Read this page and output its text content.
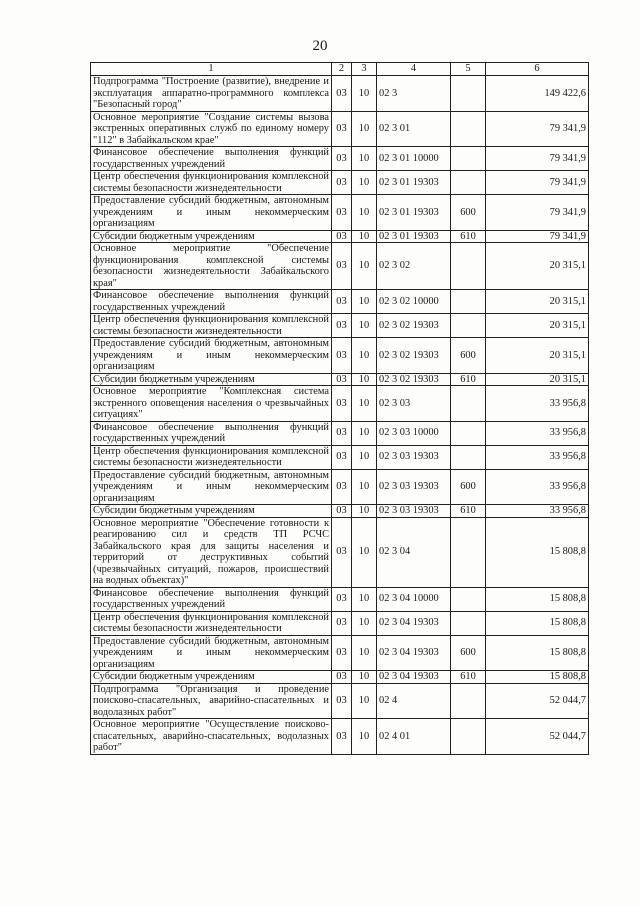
20
1	2	3	4	5	6
Подпрограмма "Построение (развитие), внедрение и эксплуатация аппаратно-программного комплекса "Безопасный город"	03	10	02 3		149 422,6
Основное мероприятие "Создание системы вызова экстренных оперативных служб по единому номеру "112" в Забайкальском крае"	03	10	02 3 01		79 341,9
Финансовое обеспечение выполнения функций государственных учреждений	03	10	02 3 01 10000		79 341,9
Центр обеспечения функционирования комплексной системы безопасности жизнедеятельности	03	10	02 3 01 19303		79 341,9
Предоставление субсидий бюджетным, автономным учреждениям и иным некоммерческим организациям	03	10	02 3 01 19303	600	79 341,9
Субсидии бюджетным учреждениям	03	10	02 3 01 19303	610	79 341,9
Основное мероприятие "Обеспечение функционирования комплексной системы безопасности жизнедеятельности Забайкальского края"	03	10	02 3 02		20 315,1
Финансовое обеспечение выполнения функций государственных учреждений	03	10	02 3 02 10000		20 315,1
Центр обеспечения функционирования комплексной системы безопасности жизнедеятельности	03	10	02 3 02 19303		20 315,1
Предоставление субсидий бюджетным, автономным учреждениям и иным некоммерческим организациям	03	10	02 3 02 19303	600	20 315,1
Субсидии бюджетным учреждениям	03	10	02 3 02 19303	610	20 315,1
Основное мероприятие "Комплексная система экстренного оповещения населения о чрезвычайных ситуациях"	03	10	02 3 03		33 956,8
Финансовое обеспечение выполнения функций государственных учреждений	03	10	02 3 03 10000		33 956,8
Центр обеспечения функционирования комплексной системы безопасности жизнедеятельности	03	10	02 3 03 19303		33 956,8
Предоставление субсидий бюджетным, автономным учреждениям и иным некоммерческим организациям	03	10	02 3 03 19303	600	33 956,8
Субсидии бюджетным учреждениям	03	10	02 3 03 19303	610	33 956,8
Основное мероприятие "Обеспечение готовности к реагированию сил и средств ТП РСЧС Забайкальского края для защиты населения и территорий от деструктивных событий (чрезвычайных ситуаций, пожаров, происшествий на водных объектах)"	03	10	02 3 04		15 808,8
Финансовое обеспечение выполнения функций государственных учреждений	03	10	02 3 04 10000		15 808,8
Центр обеспечения функционирования комплексной системы безопасности жизнедеятельности	03	10	02 3 04 19303		15 808,8
Предоставление субсидий бюджетным, автономным учреждениям и иным некоммерческим организациям	03	10	02 3 04 19303	600	15 808,8
Субсидии бюджетным учреждениям	03	10	02 3 04 19303	610	15 808,8
Подпрограмма "Организация и проведение поисково-спасательных, аварийно-спасательных и водолазных работ"	03	10	02 4		52 044,7
Основное мероприятие "Осуществление поисково-спасательных, аварийно-спасательных, водолазных работ"	03	10	02 4 01		52 044,7
